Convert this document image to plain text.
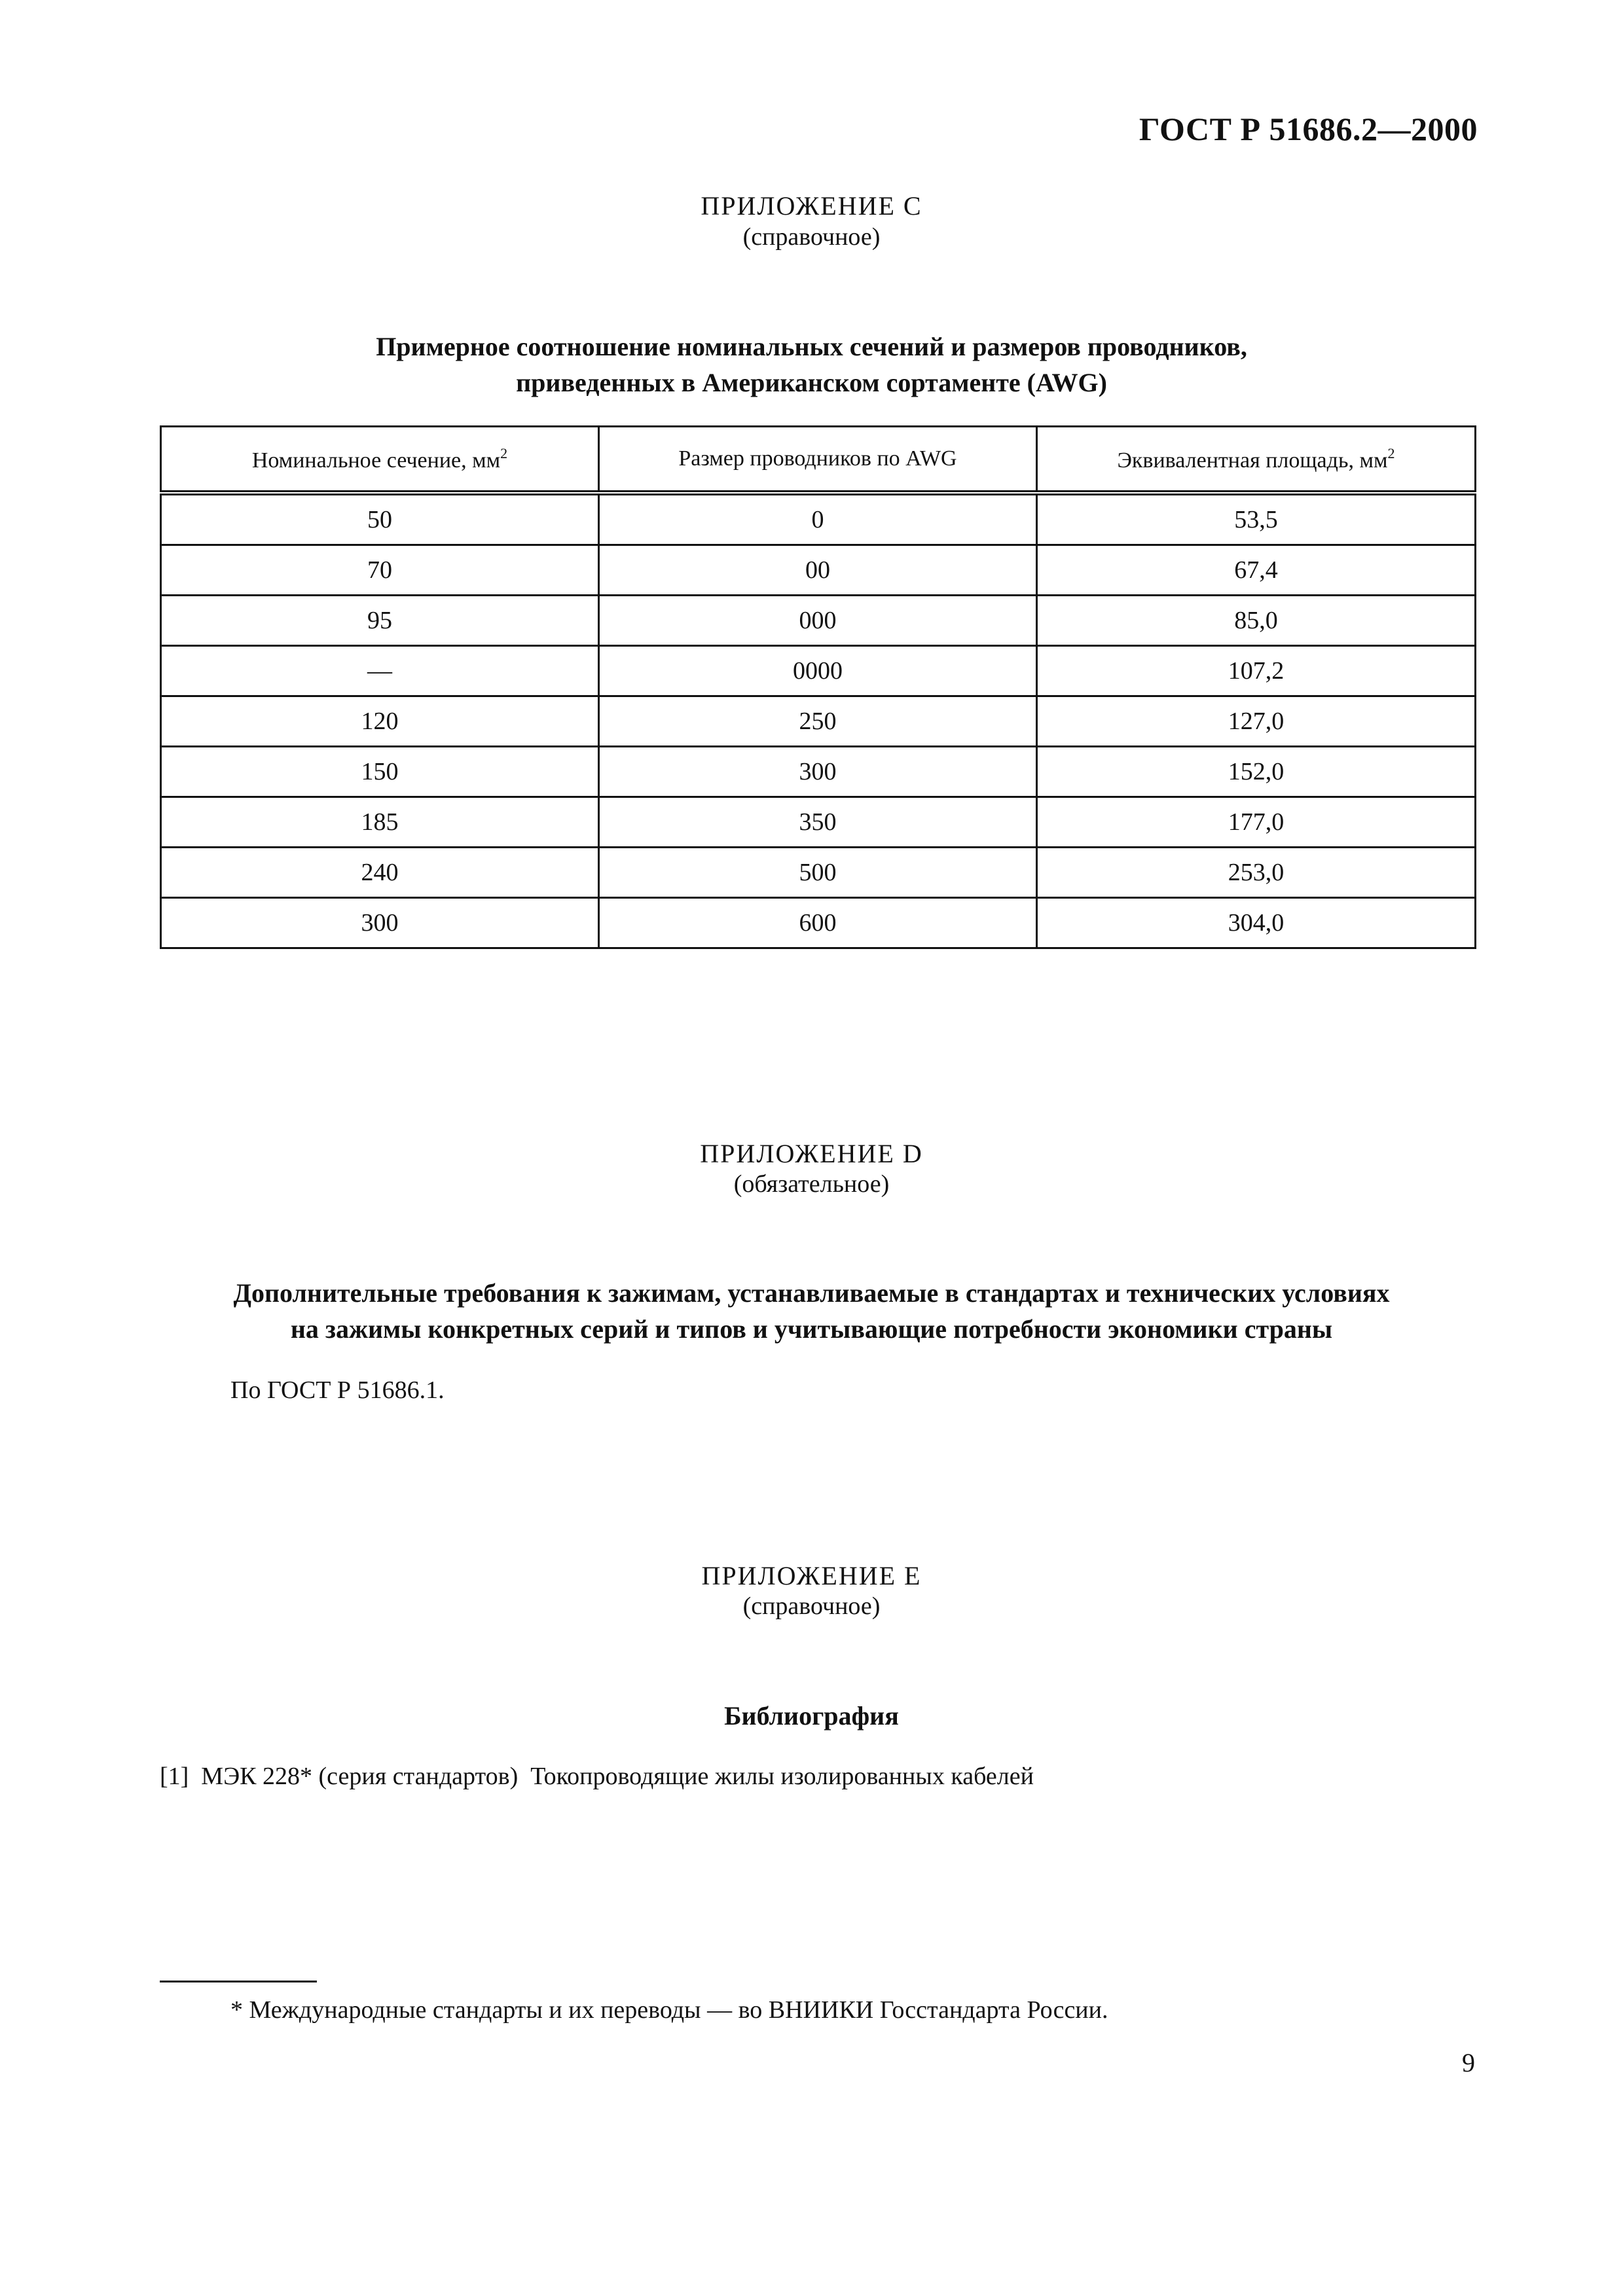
ГОСТ Р 51686.2—2000
ПРИЛОЖЕНИЕ С
(справочное)
Примерное соотношение номинальных сечений и размеров проводников,
приведенных в Американском сортаменте (AWG)
Номинальное сечение, $мм^2$	Размер проводников по AWG	Эквивалентная площадь, $мм^2$
50	0	53,5
70	00	67,4
95	000	85,0
—	0000	107,2
120	250	127,0
150	300	152,0
185	350	177,0
240	500	253,0
300	600	304,0
ПРИЛОЖЕНИЕ D
(обязательное)
Дополнительные требования к зажимам, устанавливаемые в стандартах и технических условиях
на зажимы конкретных серий и типов и учитывающие потребности экономики страны
По ГОСТ Р 51686.1.
ПРИЛОЖЕНИЕ Е
(справочное)
Библиография
[1]  МЭК 228* (серия стандартов)  Токопроводящие жилы изолированных кабелей
* Международные стандарты и их переводы — во ВНИИКИ Госстандарта России.
9
